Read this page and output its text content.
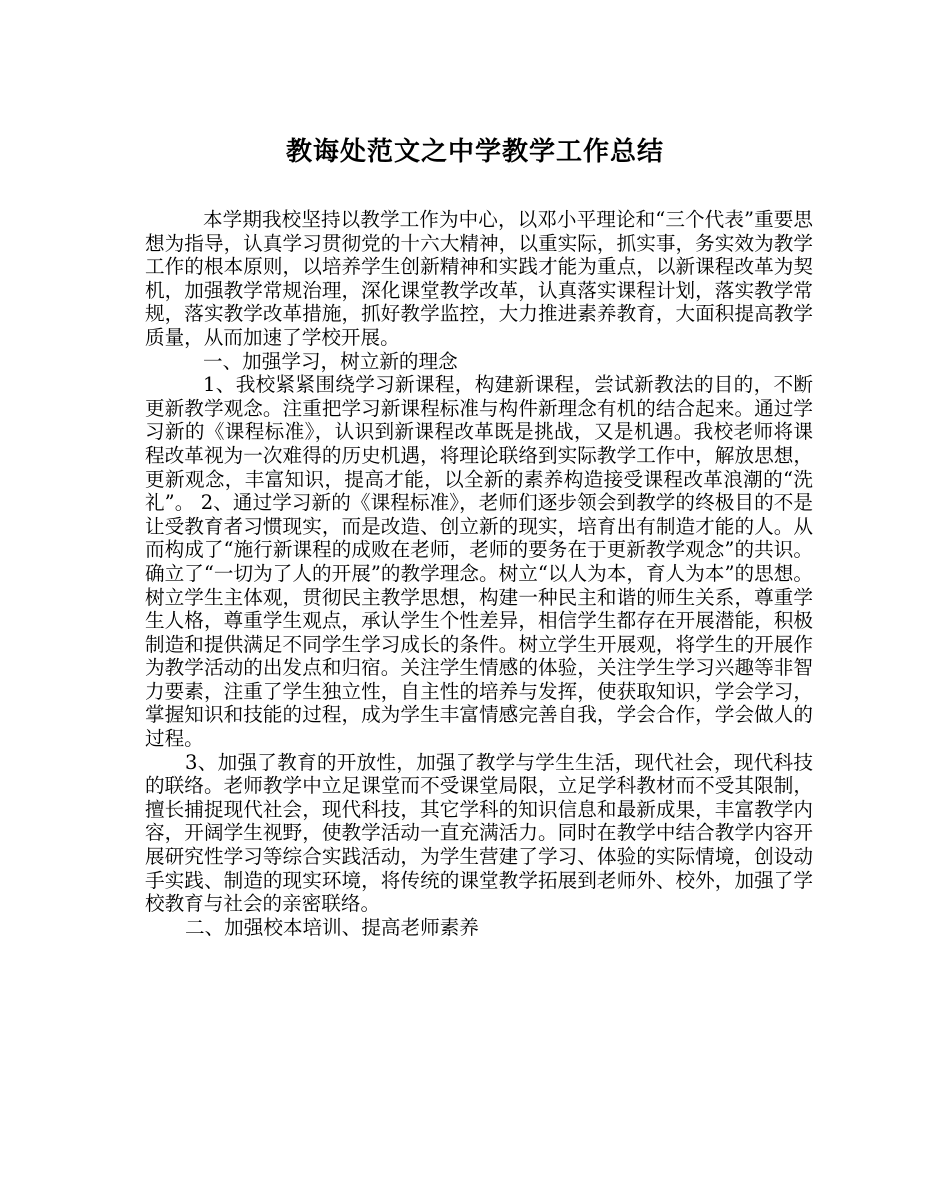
教诲处范文之中学教学工作总结

本学期我校坚持以教学工作为中心，以邓小平理论和“三个代表”重要思想为指导，认真学习贯彻党的十六大精神，以重实际，抓实事，务实效为教学工作的根本原则，以培养学生创新精神和实践才能为重点，以新课程改革为契机，加强教学常规治理，深化课堂教学改革，认真落实课程计划，落实教学常规，落实教学改革措施，抓好教学监控，大力推进素养教育，大面积提高教学质量，从而加速了学校开展。

一、加强学习，树立新的理念

1、我校紧紧围绕学习新课程，构建新课程，尝试新教法的目的，不断更新教学观念。注重把学习新课程标准与构件新理念有机的结合起来。通过学习新的《课程标准》，认识到新课程改革既是挑战，又是机遇。我校老师将课程改革视为一次难得的历史机遇，将理论联络到实际教学工作中，解放思想，更新观念，丰富知识，提高才能，以全新的素养构造接受课程改革浪潮的“洗礼”。 2、通过学习新的《课程标准》，老师们逐步领会到教学的终极目的不是让受教育者习惯现实，而是改造、创立新的现实，培育出有制造才能的人。从而构成了“施行新课程的成败在老师，老师的要务在于更新教学观念”的共识。确立了“一切为了人的开展”的教学理念。树立“以人为本，育人为本”的思想。树立学生主体观，贯彻民主教学思想，构建一种民主和谐的师生关系，尊重学生人格，尊重学生观点，承认学生个性差异，相信学生都存在开展潜能，积极制造和提供满足不同学生学习成长的条件。树立学生开展观，将学生的开展作为教学活动的出发点和归宿。关注学生情感的体验，关注学生学习兴趣等非智力要素，注重了学生独立性，自主性的培养与发挥，使获取知识，学会学习，掌握知识和技能的过程，成为学生丰富情感完善自我，学会合作，学会做人的过程。

3、加强了教育的开放性，加强了教学与学生生活，现代社会，现代科技的联络。老师教学中立足课堂而不受课堂局限，立足学科教材而不受其限制，擅长捕捉现代社会，现代科技，其它学科的知识信息和最新成果，丰富教学内容，开阔学生视野，使教学活动一直充满活力。同时在教学中结合教学内容开展研究性学习等综合实践活动，为学生营建了学习、体验的实际情境，创设动手实践、制造的现实环境，将传统的课堂教学拓展到老师外、校外，加强了学校教育与社会的亲密联络。

二、加强校本培训、提高老师素养
